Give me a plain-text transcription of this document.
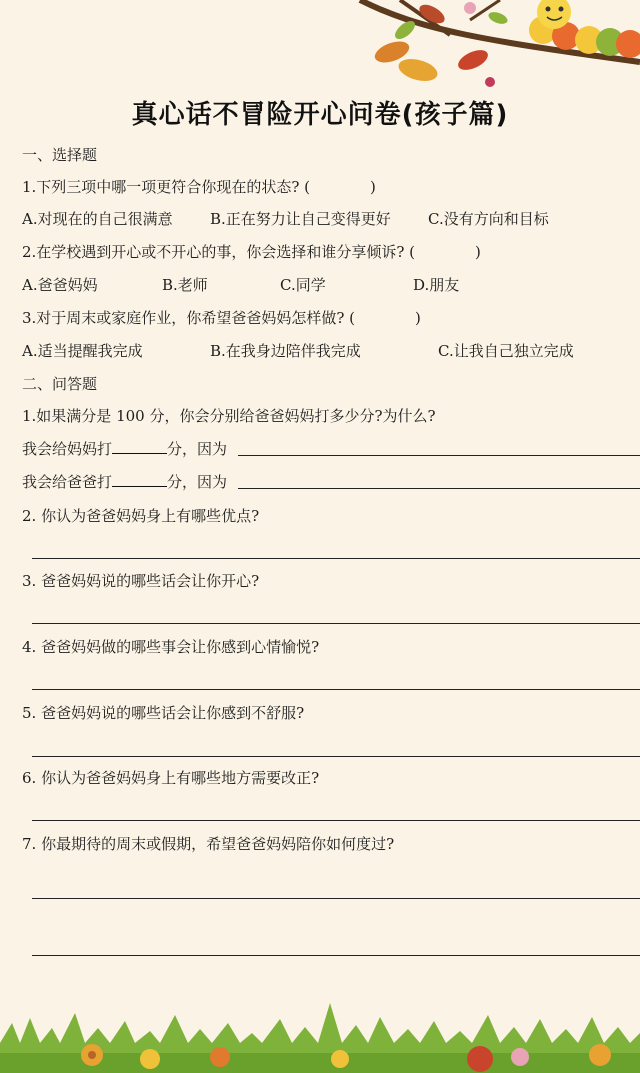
真心话不冒险开心问卷(孩子篇)
一、选择题
1.下列三项中哪一项更符合你现在的状态? (	)
A.对现在的自己很满意 B.正在努力让自己变得更好 C.没有方向和目标
2.在学校遇到开心或不开心的事，你会选择和谁分享倾诉? (	)
A.爸爸妈妈	B.老师	C.同学	D.朋友
3.对于周末或家庭作业，你希望爸爸妈妈怎样做? (	)
A.适当提醒我完成	B.在我身边陪伴我完成	C.让我自己独立完成
二、问答题
1.如果满分是 100 分，你会分别给爸爸妈妈打多少分?为什么?
我会给妈妈打	分，因为
我会给爸爸打	分，因为
2. 你认为爸爸妈妈身上有哪些优点?
3. 爸爸妈妈说的哪些话会让你开心?
4. 爸爸妈妈做的哪些事会让你感到心情愉悦?
5. 爸爸妈妈说的哪些话会让你感到不舒服?
6. 你认为爸爸妈妈身上有哪些地方需要改正?
7. 你最期待的周末或假期，希望爸爸妈妈陪你如何度过?
